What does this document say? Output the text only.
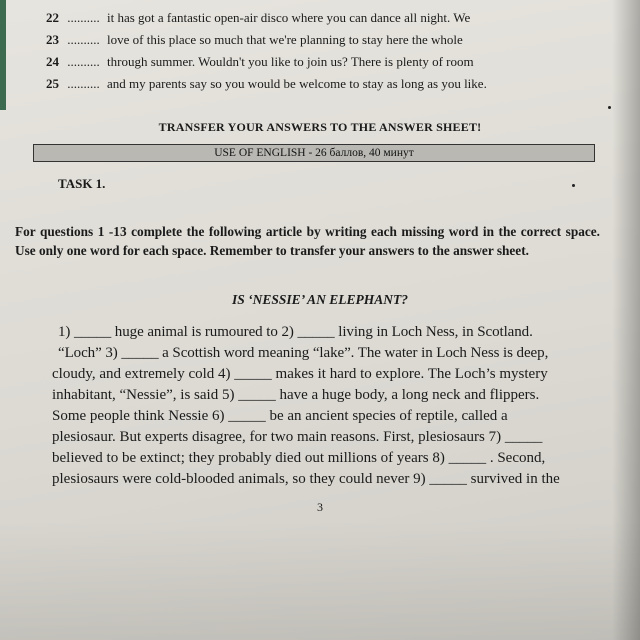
22 .......... it has got a fantastic open-air disco where you can dance all night. We
23 .......... love of this place so much that we're planning to stay here the whole
24 .......... through summer. Wouldn't you like to join us? There is plenty of room
25 .......... and my parents say so you would be welcome to stay as long as you like.
TRANSFER YOUR ANSWERS TO THE ANSWER SHEET!
USE OF ENGLISH - 26 баллов, 40 минут
TASK 1.
For questions 1 -13 complete the following article by writing each missing word in the correct space. Use only one word for each space. Remember to transfer your answers to the answer sheet.
IS ‘NESSIE’ AN ELEPHANT?
1) _____ huge animal is rumoured to 2) _____ living in Loch Ness, in Scotland.
“Loch” 3) _____ a Scottish word meaning “lake”. The water in Loch Ness is deep,
cloudy, and extremely cold 4) _____ makes it hard to explore. The Loch’s mystery
inhabitant, “Nessie”, is said 5) _____ have a huge body, a long neck and flippers.
Some people think Nessie 6) _____ be an ancient species of reptile, called a
plesiosaur. But experts disagree, for two main reasons. First, plesiosaurs 7) _____
believed to be extinct; they probably died out millions of years 8) _____ . Second,
plesiosaurs were cold-blooded animals, so they could never 9) _____ survived in the
3
